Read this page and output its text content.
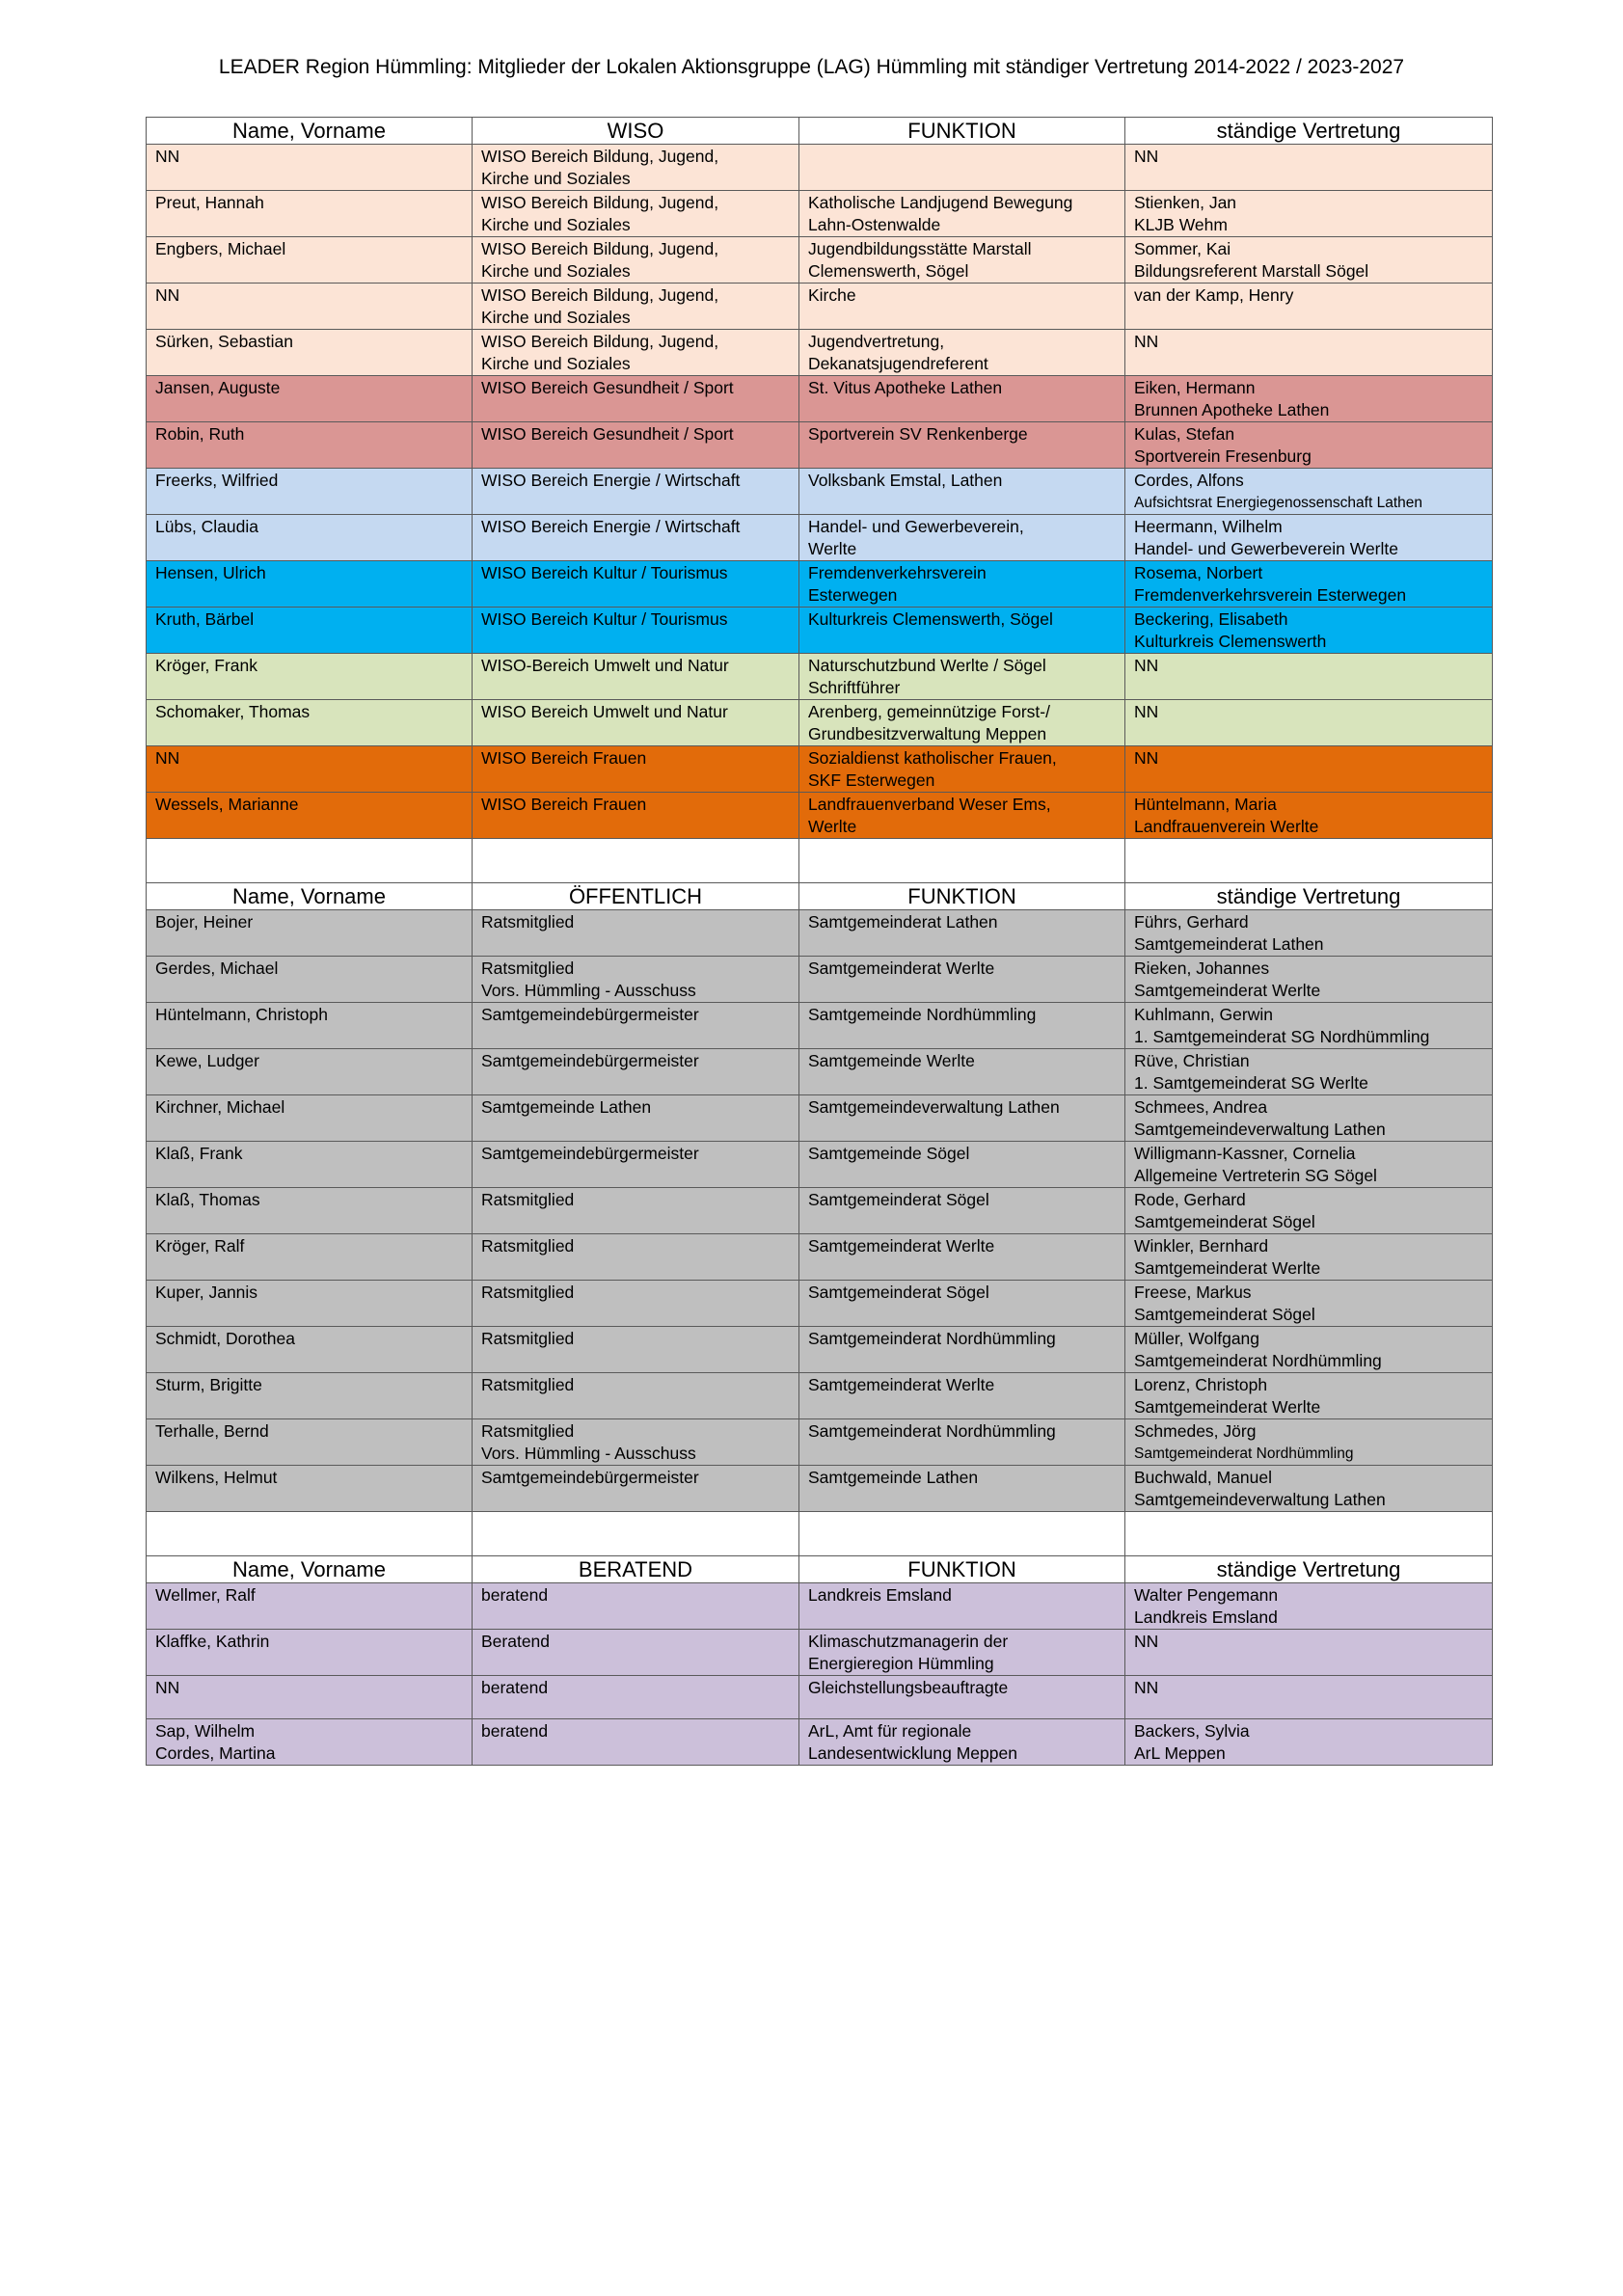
LEADER Region Hümmling: Mitglieder der Lokalen Aktionsgruppe (LAG) Hümmling mit ständiger Vertretung 2014-2022 / 2023-2027
Name, Vorname	WISO	FUNKTION	ständige Vertretung

NN	WISO Bereich Bildung, Jugend,
Kirche und Soziales		NN

Preut, Hannah	WISO Bereich Bildung, Jugend,
Kirche und Soziales	Katholische Landjugend Bewegung
Lahn-Ostenwalde	Stienken, Jan
KLJB Wehm

Engbers, Michael	WISO Bereich Bildung, Jugend,
Kirche und Soziales	Jugendbildungsstätte Marstall
Clemenswerth, Sögel	Sommer, Kai
Bildungsreferent Marstall Sögel

NN	WISO Bereich Bildung, Jugend,
Kirche und Soziales	Kirche	van der Kamp, Henry

Sürken, Sebastian	WISO Bereich Bildung, Jugend,
Kirche und Soziales	Jugendvertretung,
Dekanatsjugendreferent	NN

Jansen, Auguste	WISO Bereich Gesundheit / Sport	St. Vitus Apotheke Lathen	Eiken, Hermann
Brunnen Apotheke Lathen

Robin, Ruth	WISO Bereich Gesundheit / Sport	Sportverein SV Renkenberge	Kulas, Stefan
Sportverein Fresenburg

Freerks, Wilfried	WISO Bereich Energie / Wirtschaft	Volksbank Emstal, Lathen	Cordes, Alfons
Aufsichtsrat Energiegenossenschaft Lathen

Lübs, Claudia	WISO Bereich Energie / Wirtschaft	Handel- und Gewerbeverein,
Werlte	Heermann, Wilhelm
Handel- und Gewerbeverein Werlte

Hensen, Ulrich	WISO Bereich Kultur / Tourismus	Fremdenverkehrsverein
Esterwegen	Rosema, Norbert
Fremdenverkehrsverein Esterwegen

Kruth, Bärbel	WISO Bereich Kultur / Tourismus	Kulturkreis Clemenswerth, Sögel	Beckering, Elisabeth
Kulturkreis Clemenswerth

Kröger, Frank	WISO-Bereich Umwelt und Natur	Naturschutzbund Werlte / Sögel
Schriftführer	NN

Schomaker, Thomas	WISO Bereich Umwelt und Natur	Arenberg, gemeinnützige Forst-/
Grundbesitzverwaltung Meppen	NN

NN	WISO Bereich Frauen	Sozialdienst katholischer Frauen,
SKF Esterwegen	NN

Wessels, Marianne	WISO Bereich Frauen	Landfrauenverband Weser Ems,
Werlte	Hüntelmann, Maria
Landfrauenverein Werlte

Name, Vorname	ÖFFENTLICH	FUNKTION	ständige Vertretung

Bojer, Heiner	Ratsmitglied	Samtgemeinderat Lathen	Führs, Gerhard
Samtgemeinderat Lathen

Gerdes, Michael	Ratsmitglied
Vors. Hümmling - Ausschuss	Samtgemeinderat Werlte	Rieken, Johannes
Samtgemeinderat Werlte

Hüntelmann, Christoph	Samtgemeindebürgermeister	Samtgemeinde Nordhümmling	Kuhlmann, Gerwin
1. Samtgemeinderat SG Nordhümmling

Kewe, Ludger	Samtgemeindebürgermeister	Samtgemeinde Werlte	Rüve, Christian
1. Samtgemeinderat SG Werlte

Kirchner, Michael	Samtgemeinde Lathen	Samtgemeindeverwaltung Lathen	Schmees, Andrea
Samtgemeindeverwaltung Lathen

Klaß, Frank	Samtgemeindebürgermeister	Samtgemeinde Sögel	Willigmann-Kassner, Cornelia
Allgemeine Vertreterin SG Sögel

Klaß, Thomas	Ratsmitglied	Samtgemeinderat Sögel	Rode, Gerhard
Samtgemeinderat Sögel

Kröger, Ralf	Ratsmitglied	Samtgemeinderat Werlte	Winkler, Bernhard
Samtgemeinderat Werlte

Kuper, Jannis	Ratsmitglied	Samtgemeinderat Sögel	Freese, Markus
Samtgemeinderat Sögel

Schmidt, Dorothea	Ratsmitglied	Samtgemeinderat Nordhümmling	Müller, Wolfgang
Samtgemeinderat Nordhümmling

Sturm, Brigitte	Ratsmitglied	Samtgemeinderat Werlte	Lorenz, Christoph
Samtgemeinderat Werlte

Terhalle, Bernd	Ratsmitglied
Vors. Hümmling - Ausschuss	Samtgemeinderat Nordhümmling	Schmedes, Jörg
Samtgemeinderat Nordhümmling

Wilkens, Helmut	Samtgemeindebürgermeister	Samtgemeinde Lathen	Buchwald, Manuel
Samtgemeindeverwaltung Lathen

Name, Vorname	BERATEND	FUNKTION	ständige Vertretung

Wellmer, Ralf	beratend	Landkreis Emsland	Walter Pengemann
Landkreis Emsland

Klaffke, Kathrin	Beratend	Klimaschutzmanagerin der
Energieregion Hümmling	NN

NN	beratend	Gleichstellungsbeauftragte	NN

Sap, Wilhelm
Cordes, Martina	beratend	ArL, Amt für regionale
Landesentwicklung Meppen	Backers, Sylvia
ArL Meppen
